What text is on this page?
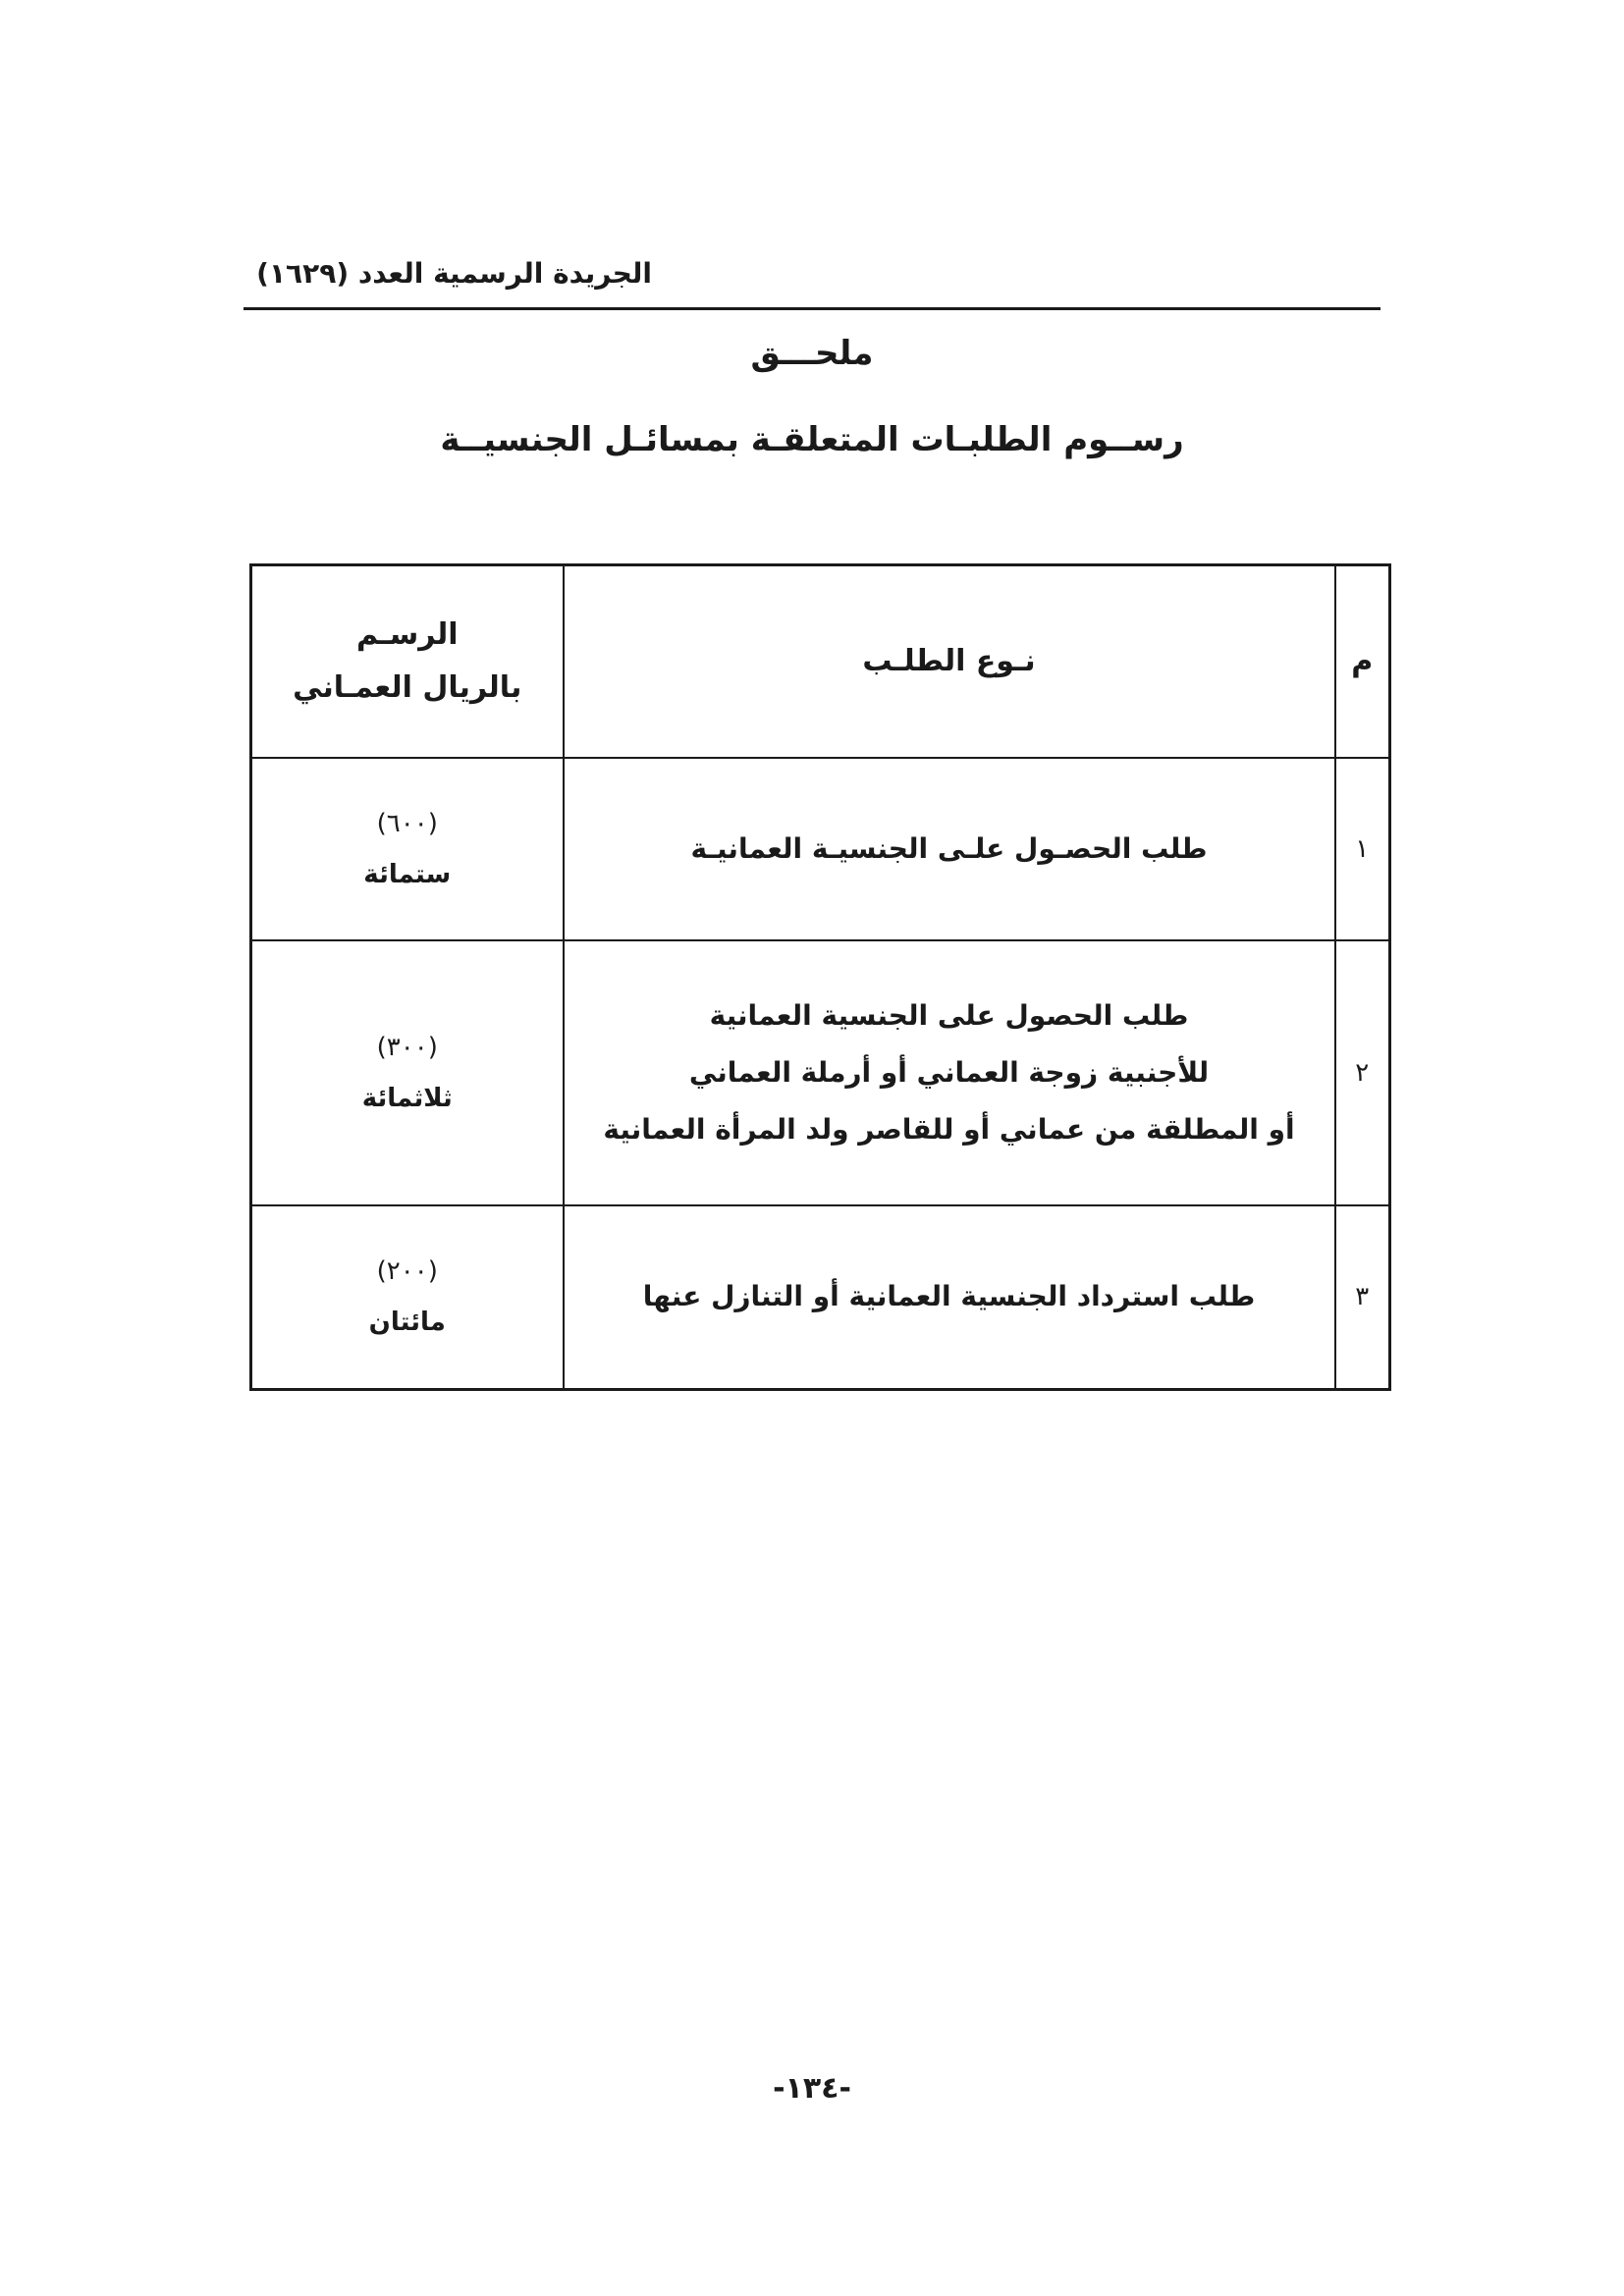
الجريدة الرسمية العدد (١٦٢٩)
ملحـــق
رســوم الطلبـات المتعلقـة بمسائـل الجنسيــة
م	نـوع الطلـب	الرسـم
بالريال العمـاني

١	طلب الحصـول علـى الجنسيـة العمانيـة	(٦٠٠)
ستمائة

٢	طلب الحصول على الجنسية العمانية
للأجنبية زوجة العماني أو أرملة العماني
أو المطلقة من عماني أو للقاصر ولد المرأة العمانية	(٣٠٠)
ثلاثمائة

٣	طلب استرداد الجنسية العمانية أو التنازل عنها	(٢٠٠)
مائتان
-١٣٤-
